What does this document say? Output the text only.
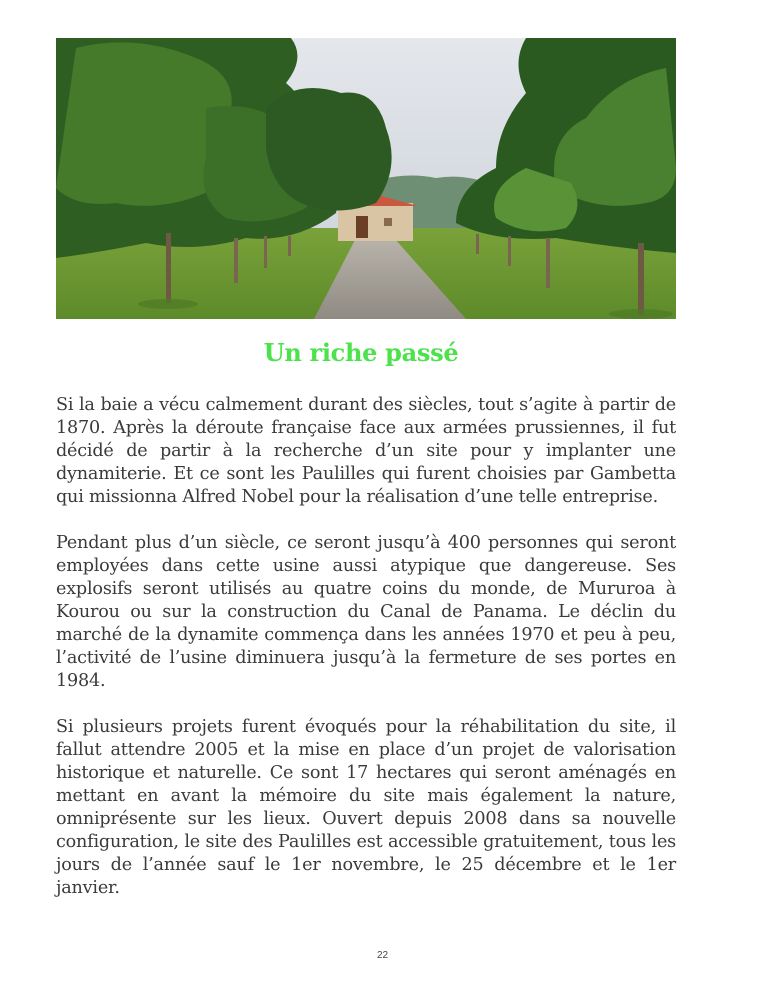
Un riche passé

Si la baie a vécu calmement durant des siècles, tout s’agite à partir de 1870. Après la déroute française face aux armées prussiennes, il fut décidé de partir à la recherche d’un site pour y implanter une dynamiterie. Et ce sont les Paulilles qui furent choisies par Gambetta qui missionna Alfred Nobel pour la réalisation d’une telle entreprise.

Pendant plus d’un siècle, ce seront jusqu’à 400 personnes qui seront employées dans cette usine aussi atypique que dangereuse. Ses explosifs seront utilisés au quatre coins du monde, de Mururoa à Kourou ou sur la construction du Canal de Panama. Le déclin du marché de la dynamite commença dans les années 1970 et peu à peu, l’activité de l’usine diminuera jusqu’à la fermeture de ses portes en 1984.

Si plusieurs projets furent évoqués pour la réhabilitation du site, il fallut attendre 2005 et la mise en place d’un projet de valorisation historique et naturelle. Ce sont 17 hectares qui seront aménagés en mettant en avant la mémoire du site mais également la nature, omniprésente sur les lieux. Ouvert depuis 2008 dans sa nouvelle configuration, le site des Paulilles est accessible gratuitement, tous les jours de l’année sauf le 1er novembre, le 25 décembre et le 1er janvier.

22
